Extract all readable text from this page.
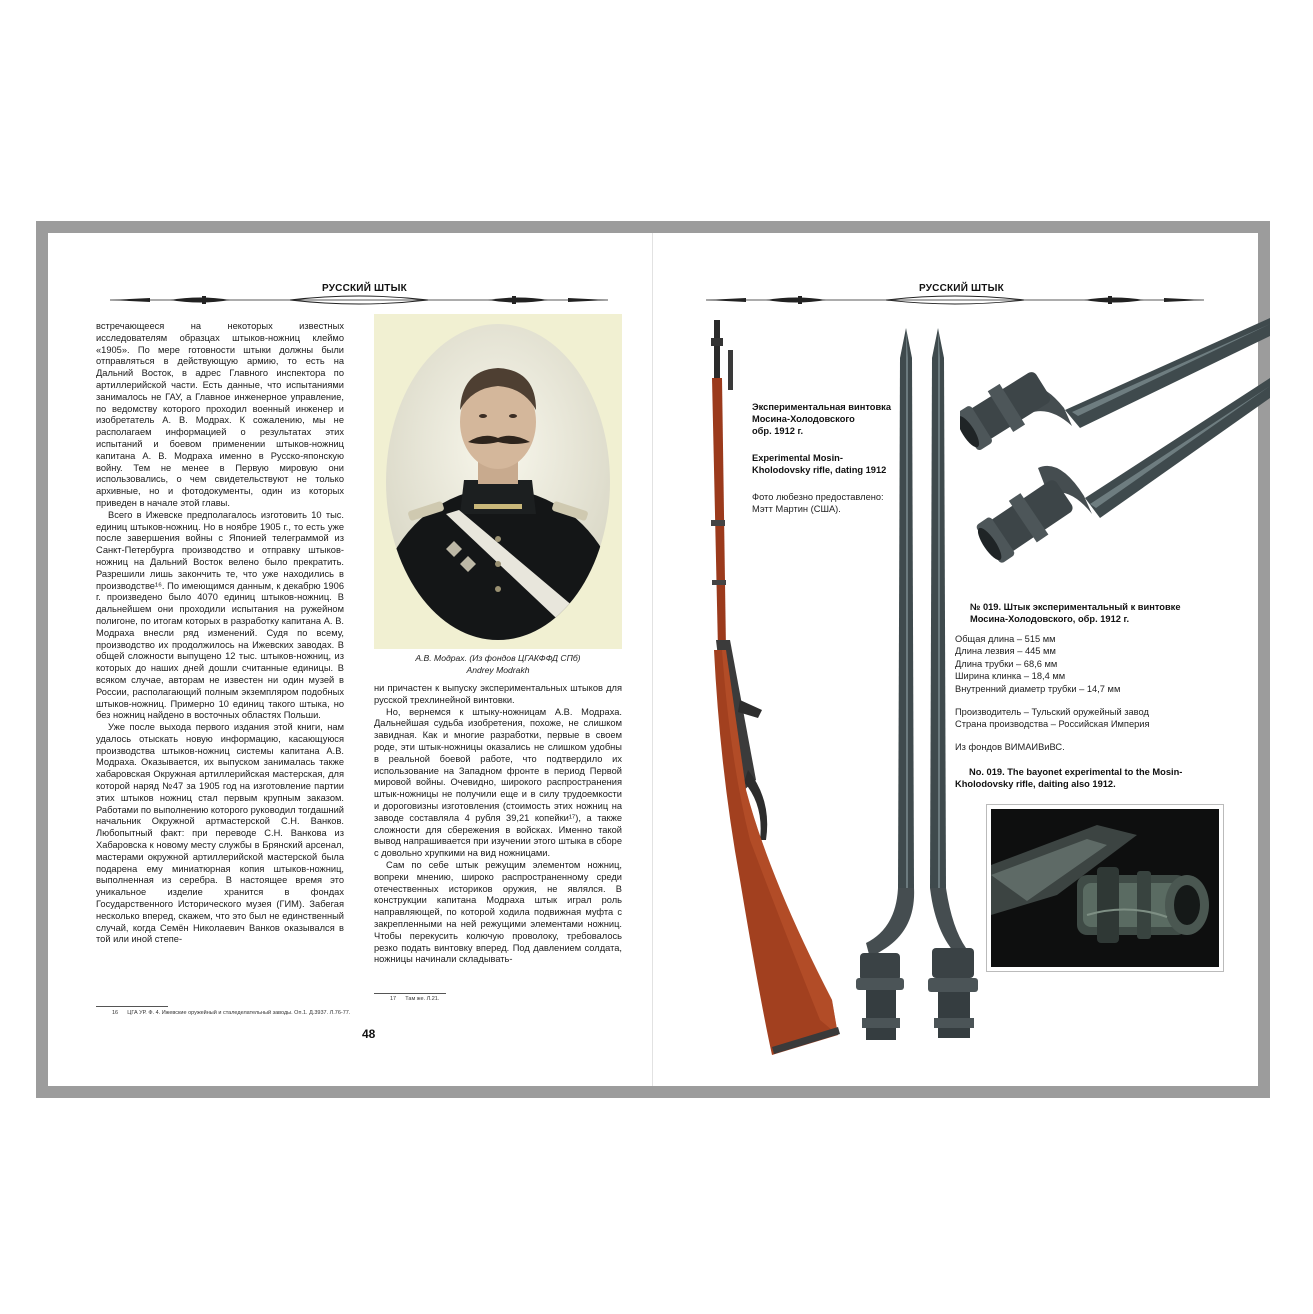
РУССКИЙ ШТЫК

встречающееся на некоторых известных исследователям образцах штыков-ножниц клеймо «1905». По мере готовности штыки должны были отправляться в действующую армию, то есть на Дальний Восток, в адрес Главного инспектора по артиллерийской части. Есть данные, что испытаниями занималось не ГАУ, а Главное инженерное управление, по ведомству которого проходил военный инженер и изобретатель А. В. Модрах. К сожалению, мы не располагаем информацией о результатах этих испытаний и боевом применении штыков-ножниц капитана А. В. Модраха именно в Русско-японскую войну. Тем не менее в Первую мировую они использовались, о чем свидетельствуют не только архивные, но и фотодокументы, один из которых приведен в начале этой главы.

Всего в Ижевске предполагалось изготовить 10 тыс. единиц штыков-ножниц. Но в ноябре 1905 г., то есть уже после завершения войны с Японией телеграммой из Санкт-Петербурга производство и отправку штыков-ножниц на Дальний Восток велено было прекратить. Разрешили лишь закончить те, что уже находились в производстве¹⁶. По имеющимся данным, к декабрю 1906 г. произведено было 4070 единиц штыков-ножниц. В дальнейшем они проходили испытания на ружейном полигоне, по итогам которых в разработку капитана А. В. Модраха внесли ряд изменений. Судя по всему, производство их продолжилось на Ижевских заводах. В общей сложности выпущено 12 тыс. штыков-ножниц, из которых до наших дней дошли считанные единицы. В всяком случае, авторам не известен ни один музей в России, располагающий полным экземпляром подобных штыков-ножниц. Примерно 10 единиц такого штыка, но без ножниц найдено в восточных областях Польши.

Уже после выхода первого издания этой книги, нам удалось отыскать новую информацию, касающуюся производства штыков-ножниц системы капитана А.В. Модраха. Оказывается, их выпуском занималась также хабаровская Окружная артиллерийская мастерская, для которой наряд №47 за 1905 год на изготовление партии этих штыков ножниц стал первым крупным заказом. Работами по выполнению которого руководил тогдашний начальник Окружной артмастерской С.Н. Ванков. Любопытный факт: при переводе С.Н. Ванкова из Хабаровска к новому месту службы в Брянский арсенал, мастерами окружной артиллерийской мастерской была подарена ему миниатюрная копия штыков-ножниц, выполненная из серебра. В настоящее время это уникальное изделие хранится в фондах Государственного Исторического музея (ГИМ). Забегая несколько вперед, скажем, что это был не единственный случай, когда Семён Николаевич Ванков оказывался в той или иной степе-

А.В. Модрах. (Из фондов ЦГАКФФД СПб)
Andrey Modrakh

ни причастен к выпуску экспериментальных штыков для русской трехлинейной винтовки.

Но, вернемся к штыку-ножницам А.В. Модраха. Дальнейшая судьба изобретения, похоже, не слишком завидная. Как и многие разработки, первые в своем роде, эти штык-ножницы оказались не слишком удобны в реальной боевой работе, что подтвердило их использование на Западном фронте в период Первой мировой войны. Очевидно, широкого распространения штык-ножницы не получили еще и в силу трудоемкости и дороговизны изготовления (стоимость этих ножниц на заводе составляла 4 рубля 39,21 копейки¹⁷), а также сложности для сбережения в войсках. Именно такой вывод напрашивается при изучении этого штыка в сборе с довольно хрупкими на вид ножницами.

Сам по себе штык режущим элементом ножниц, вопреки мнению, широко распространенному среди отечественных историков оружия, не являлся. В конструкции капитана Модраха штык играл роль направляющей, по которой ходила подвижная муфта с закрепленными на ней режущими элементами ножниц. Чтобы перекусить колючую проволоку, требовалось резко подать винтовку вперед. Под давлением солдата, ножницы начинали складывать-

16 ЦГА УР. Ф. 4. Ижевские оружейный и сталеделательный заводы. Оп.1. Д.3937. Л.76-77.
17 Там же. Л.21.
48
РУССКИЙ ШТЫК
Экспериментальная винтовка
Мосина-Холодовского
обр. 1912 г.
Experimental Mosin-
Kholodovsky rifle, dating 1912
Фото любезно предоставлено:
Мэтт Мартин (США).
№ 019. Штык экспериментальный к винтовке
Мосина-Холодовского, обр. 1912 г.
Общая длина – 515 мм
Длина лезвия – 445 мм
Длина трубки – 68,6 мм
Ширина клинка – 18,4 мм
Внутренний диаметр трубки – 14,7 мм
Производитель – Тульский оружейный завод
Страна производства – Российская Империя
Из фондов ВИМАИВиВС.
No. 019. The bayonet experimental to the Mosin-
Kholodovsky rifle, daiting also 1912.
